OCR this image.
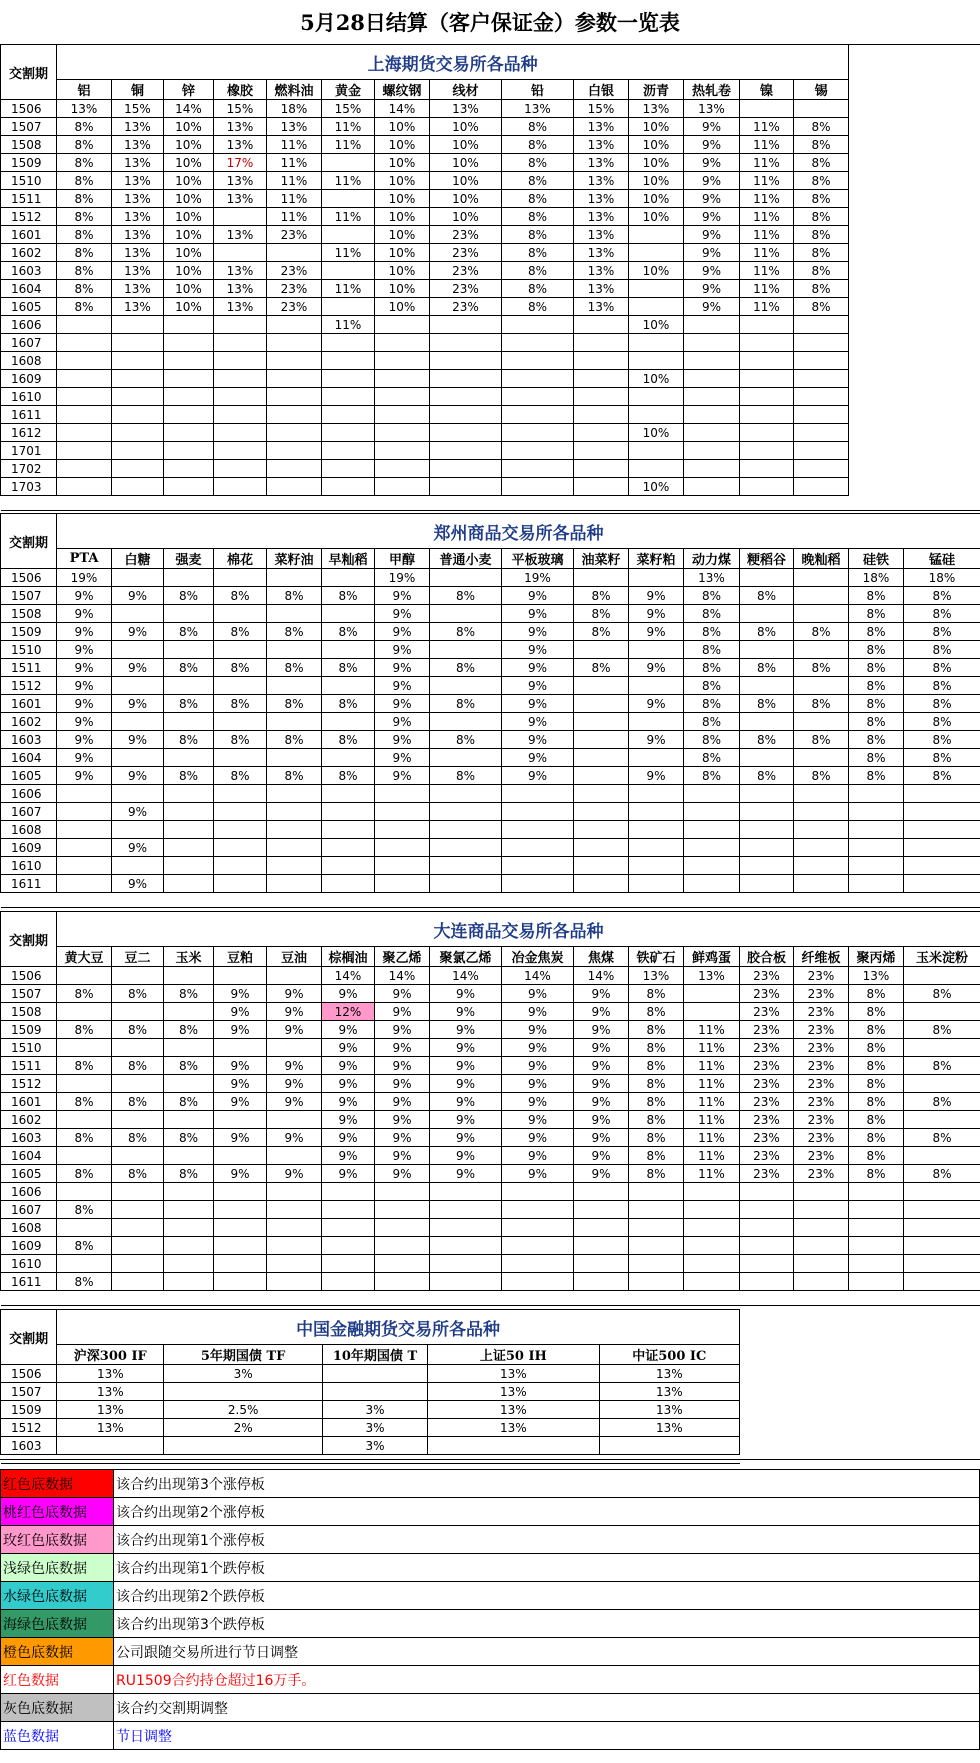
5月28日结算（客户保证金）参数一览表
交割期	上海期货交易所各品种														
	铝	铜	锌	橡胶	燃料油	黄金	螺纹钢	线材	铅	白银	沥青	热轧卷	镍	锡	
1506	13%	15%	14%	15%	18%	15%	14%	13%	13%	15%	13%	13%			
1507	8%	13%	10%	13%	13%	11%	10%	10%	8%	13%	10%	9%	11%	8%	
1508	8%	13%	10%	13%	11%	11%	10%	10%	8%	13%	10%	9%	11%	8%	
1509	8%	13%	10%	17%	11%		10%	10%	8%	13%	10%	9%	11%	8%	
1510	8%	13%	10%	13%	11%	11%	10%	10%	8%	13%	10%	9%	11%	8%	
1511	8%	13%	10%	13%	11%		10%	10%	8%	13%	10%	9%	11%	8%	
1512	8%	13%	10%		11%	11%	10%	10%	8%	13%	10%	9%	11%	8%	
1601	8%	13%	10%	13%	23%		10%	23%	8%	13%		9%	11%	8%	
1602	8%	13%	10%			11%	10%	23%	8%	13%		9%	11%	8%	
1603	8%	13%	10%	13%	23%		10%	23%	8%	13%	10%	9%	11%	8%	
1604	8%	13%	10%	13%	23%	11%	10%	23%	8%	13%		9%	11%	8%	
1605	8%	13%	10%	13%	23%		10%	23%	8%	13%		9%	11%	8%	
1606						11%					10%				
1607															
1608															
1609											10%				
1610															
1611															
1612											10%				
1701															
1702															
1703											10%				

交割期	郑州商品交易所各品种															
	PTA	白糖	强麦	棉花	菜籽油	早籼稻	甲醇	普通小麦	平板玻璃	油菜籽	菜籽粕	动力煤	粳稻谷	晚籼稻	硅铁	锰硅
1506	19%						19%		19%			13%			18%	18%
1507	9%	9%	8%	8%	8%	8%	9%	8%	9%	8%	9%	8%	8%		8%	8%
1508	9%						9%		9%	8%	9%	8%			8%	8%
1509	9%	9%	8%	8%	8%	8%	9%	8%	9%	8%	9%	8%	8%	8%	8%	8%
1510	9%						9%		9%			8%			8%	8%
1511	9%	9%	8%	8%	8%	8%	9%	8%	9%	8%	9%	8%	8%	8%	8%	8%
1512	9%						9%		9%			8%			8%	8%
1601	9%	9%	8%	8%	8%	8%	9%	8%	9%		9%	8%	8%	8%	8%	8%
1602	9%						9%		9%			8%			8%	8%
1603	9%	9%	8%	8%	8%	8%	9%	8%	9%		9%	8%	8%	8%	8%	8%
1604	9%						9%		9%			8%			8%	8%
1605	9%	9%	8%	8%	8%	8%	9%	8%	9%		9%	8%	8%	8%	8%	8%
1606																
1607		9%														
1608																
1609		9%														
1610																
1611		9%														

交割期	大连商品交易所各品种															
	黄大豆	豆二	玉米	豆粕	豆油	棕榈油	聚乙烯	聚氯乙烯	冶金焦炭	焦煤	铁矿石	鲜鸡蛋	胶合板	纤维板	聚丙烯	玉米淀粉
1506						14%	14%	14%	14%	14%	13%	13%	23%	23%	13%	
1507	8%	8%	8%	9%	9%	9%	9%	9%	9%	9%	8%		23%	23%	8%	8%
1508				9%	9%	12%	9%	9%	9%	9%	8%		23%	23%	8%	
1509	8%	8%	8%	9%	9%	9%	9%	9%	9%	9%	8%	11%	23%	23%	8%	8%
1510						9%	9%	9%	9%	9%	8%	11%	23%	23%	8%	
1511	8%	8%	8%	9%	9%	9%	9%	9%	9%	9%	8%	11%	23%	23%	8%	8%
1512				9%	9%	9%	9%	9%	9%	9%	8%	11%	23%	23%	8%	
1601	8%	8%	8%	9%	9%	9%	9%	9%	9%	9%	8%	11%	23%	23%	8%	8%
1602						9%	9%	9%	9%	9%	8%	11%	23%	23%	8%	
1603	8%	8%	8%	9%	9%	9%	9%	9%	9%	9%	8%	11%	23%	23%	8%	8%
1604						9%	9%	9%	9%	9%	8%	11%	23%	23%	8%	
1605	8%	8%	8%	9%	9%	9%	9%	9%	9%	9%	8%	11%	23%	23%	8%	8%
1606																
1607	8%															
1608																
1609	8%															
1610																
1611	8%															

交割期	中国金融期货交易所各品种				
	沪深300 IF	5年期国债 TF	10年期国债 T	上证50 IH	中证500 IC
1506	13%	3%		13%	13%
1507	13%			13%	13%
1509	13%	2.5%	3%	13%	13%
1512	13%	2%	3%	13%	13%
1603			3%		

红色底数据	该合约出现第3个涨停板
桃红色底数据	该合约出现第2个涨停板
玫红色底数据	该合约出现第1个涨停板
浅绿色底数据	该合约出现第1个跌停板
水绿色底数据	该合约出现第2个跌停板
海绿色底数据	该合约出现第3个跌停板
橙色底数据	公司跟随交易所进行节日调整
红色数据	RU1509合约持仓超过16万手。
灰色底数据	该合约交割期调整
蓝色数据	节日调整
